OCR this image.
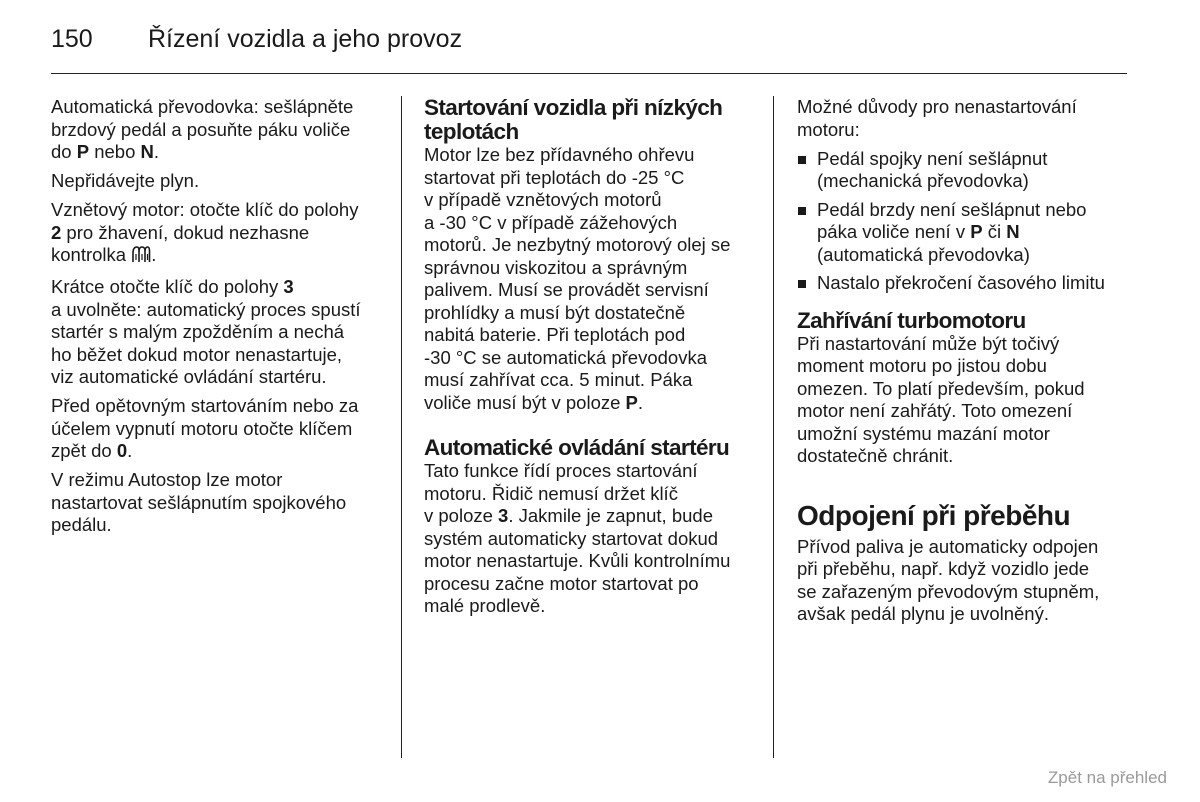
150 Řízení vozidla a jeho provoz

Automatická převodovka: sešlápněte
brzdový pedál a posuňte páku voliče
do P nebo N.

Nepřidávejte plyn.

Vznětový motor: otočte klíč do polohy
2 pro žhavení, dokud nezhasne
kontrolka .

Krátce otočte klíč do polohy 3
a uvolněte: automatický proces spustí
startér s malým zpožděním a nechá
ho běžet dokud motor nenastartuje,
viz automatické ovládání startéru.

Před opětovným startováním nebo za
účelem vypnutí motoru otočte klíčem
zpět do 0.

V režimu Autostop lze motor
nastartovat sešlápnutím spojkového
pedálu.

Startování vozidla při nízkých
teplotách

Motor lze bez přídavného ohřevu
startovat při teplotách do -25 °C
v případě vznětových motorů
a -30 °C v případě zážehových
motorů. Je nezbytný motorový olej se
správnou viskozitou a správným
palivem. Musí se provádět servisní
prohlídky a musí být dostatečně
nabitá baterie. Při teplotách pod
-30 °C se automatická převodovka
musí zahřívat cca. 5 minut. Páka
voliče musí být v poloze P.

Automatické ovládání startéru

Tato funkce řídí proces startování
motoru. Řidič nemusí držet klíč
v poloze 3. Jakmile je zapnut, bude
systém automaticky startovat dokud
motor nenastartuje. Kvůli kontrolnímu
procesu začne motor startovat po
malé prodlevě.

Možné důvody pro nenastartování
motoru:

Pedál spojky není sešlápnut
(mechanická převodovka)
Pedál brzdy není sešlápnut nebo
páka voliče není v P či N
(automatická převodovka)
Nastalo překročení časového limitu
Zahřívání turbomotoru

Při nastartování může být točivý
moment motoru po jistou dobu
omezen. To platí především, pokud
motor není zahřátý. Toto omezení
umožní systému mazání motor
dostatečně chránit.

Odpojení při přeběhu

Přívod paliva je automaticky odpojen
při přeběhu, např. když vozidlo jede
se zařazeným převodovým stupněm,
avšak pedál plynu je uvolněný.

Zpět na přehled
